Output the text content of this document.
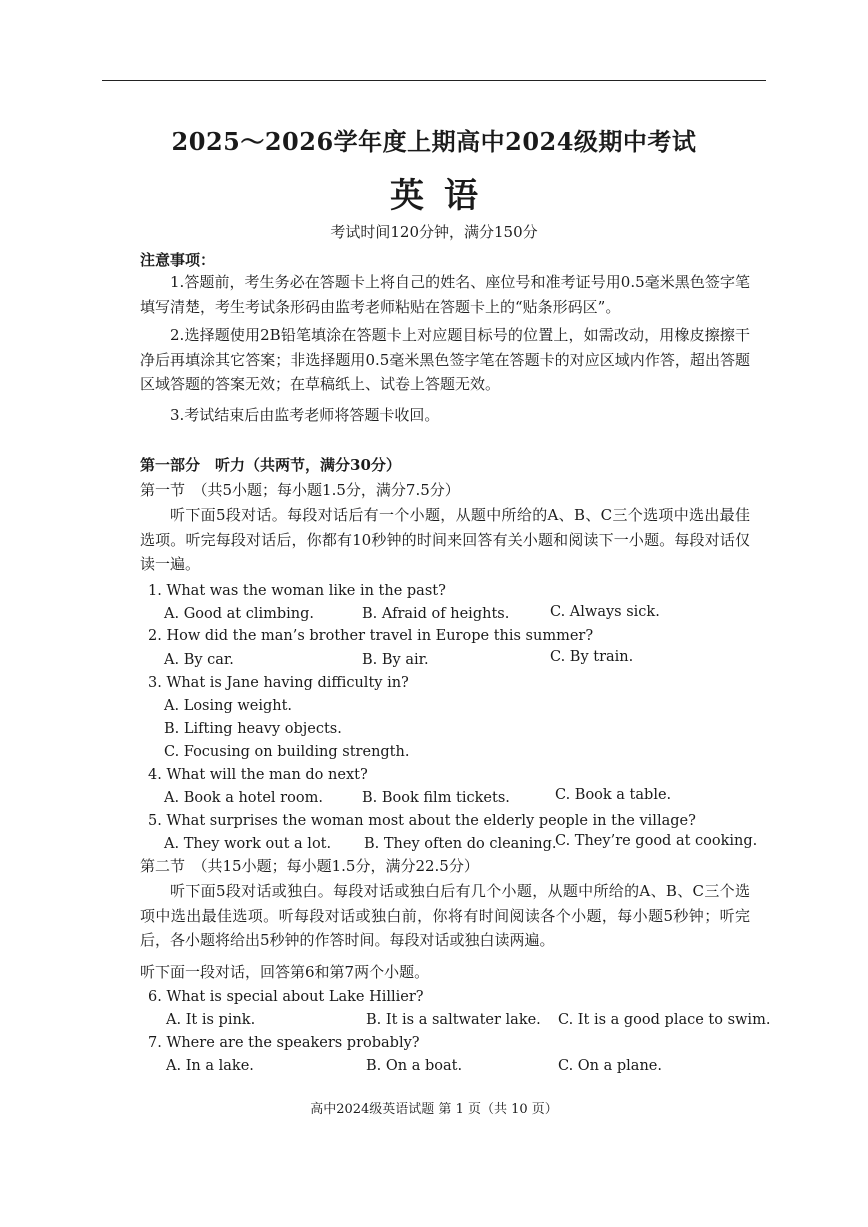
2025～2026学年度上期高中2024级期中考试
英语
考试时间120分钟，满分150分
注意事项：
1.答题前，考生务必在答题卡上将自己的姓名、座位号和准考证号用0.5毫米黑色签字笔填写清楚，考生考试条形码由监考老师粘贴在答题卡上的“贴条形码区”。
2.选择题使用2B铅笔填涂在答题卡上对应题目标号的位置上，如需改动，用橡皮擦擦干净后再填涂其它答案；非选择题用0.5毫米黑色签字笔在答题卡的对应区域内作答，超出答题区域答题的答案无效；在草稿纸上、试卷上答题无效。
3.考试结束后由监考老师将答题卡收回。
第一部分　听力（共两节，满分30分）
第一节　（共5小题；每小题1.5分，满分7.5分）
听下面5段对话。每段对话后有一个小题，从题中所给的A、B、C三个选项中选出最佳选项。听完每段对话后，你都有10秒钟的时间来回答有关小题和阅读下一小题。每段对话仅读一遍。
1. What was the woman like in the past?
A. Good at climbing.	B. Afraid of heights.	C. Always sick.
2. How did the man’s brother travel in Europe this summer?
A. By car.	B. By air.	C. By train.
3. What is Jane having difficulty in?
A. Losing weight.
B. Lifting heavy objects.
C. Focusing on building strength.
4. What will the man do next?
A. Book a hotel room.	B. Book film tickets.	C. Book a table.
5. What surprises the woman most about the elderly people in the village?
A. They work out a lot. B. They often do cleaning.
C. They’re good at cooking.
第二节　（共15小题；每小题1.5分，满分22.5分）
听下面5段对话或独白。每段对话或独白后有几个小题，从题中所给的A、B、C三个选项中选出最佳选项。听每段对话或独白前，你将有时间阅读各个小题，每小题5秒钟；听完后，各小题将给出5秒钟的作答时间。每段对话或独白读两遍。
听下面一段对话，回答第6和第7两个小题。
6. What is special about Lake Hillier?
A. It is pink.	B. It is a saltwater lake. C. It is a good place to swim.
7. Where are the speakers probably?
A. In a lake.	B. On a boat.	C. On a plane.
高中2024级英语试题 第 1 页（共 10 页）
